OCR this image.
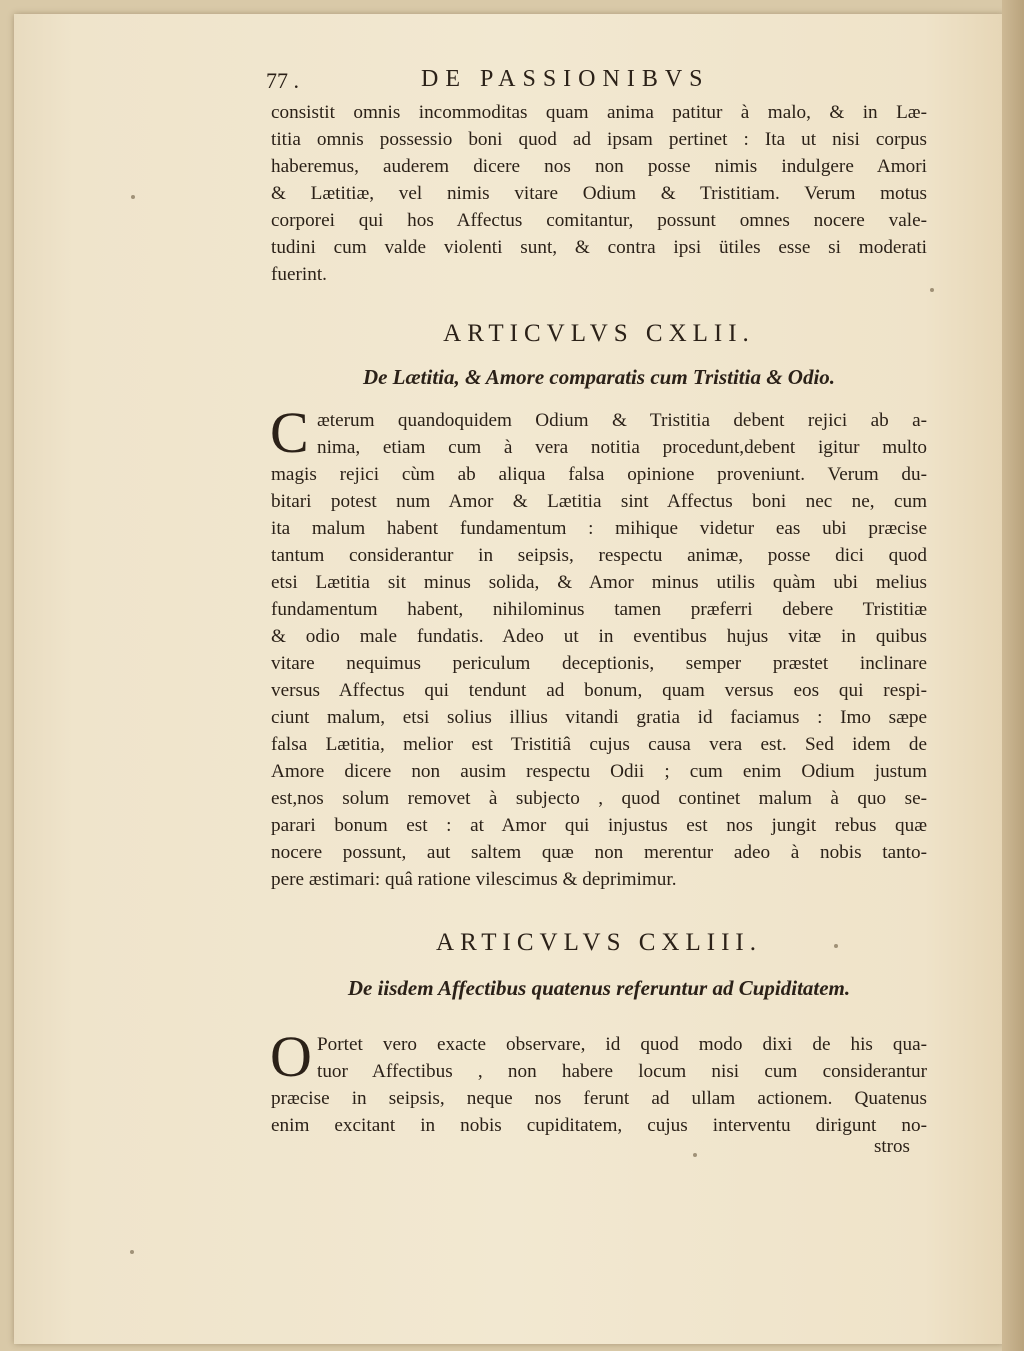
77 .	DE PASSIONIBVS
consistit omnis incommoditas quam anima patitur à malo, & in Læ-
titia omnis possessio boni quod ad ipsam pertinet : Ita ut nisi corpus
haberemus, auderem dicere nos non posse nimis indulgere Amori
& Lætitiæ, vel nimis vitare Odium & Tristitiam. Verum motus
corporei qui hos Affectus comitantur, possunt omnes nocere vale-
tudini cum valde violenti sunt, & contra ipsi ütiles esse si moderati
fuerint.
ARTICVLVS CXLII.
De Lætitia, & Amore comparatis cum Tristitia & Odio.
C æterum quandoquidem Odium & Tristitia debent rejici ab a-
nima, etiam cum à vera notitia procedunt,debent igitur multo
magis rejici cùm ab aliqua falsa opinione proveniunt. Verum du-
bitari potest num Amor & Lætitia sint Affectus boni nec ne, cum
ita malum habent fundamentum : mihique videtur eas ubi præcise
tantum considerantur in seipsis, respectu animæ, posse dici quod
etsi Lætitia sit minus solida, & Amor minus utilis quàm ubi melius
fundamentum habent, nihilominus tamen præferri debere Tristitiæ
& odio male fundatis. Adeo ut in eventibus hujus vitæ in quibus
vitare nequimus periculum deceptionis, semper præstet inclinare
versus Affectus qui tendunt ad bonum, quam versus eos qui respi-
ciunt malum, etsi solius illius vitandi gratia id faciamus : Imo sæpe
falsa Lætitia, melior est Tristitiâ cujus causa vera est. Sed idem de
Amore dicere non ausim respectu Odii ; cum enim Odium justum
est,nos solum removet à subjecto , quod continet malum à quo se-
parari bonum est : at Amor qui injustus est nos jungit rebus quæ
nocere possunt, aut saltem quæ non merentur adeo à nobis tanto-
pere æstimari: quâ ratione vilescimus & deprimimur.
ARTICVLVS CXLIII.
De iisdem Affectibus quatenus referuntur ad Cupiditatem.
O Portet vero exacte observare, id quod modo dixi de his qua-
tuor Affectibus , non habere locum nisi cum considerantur
præcise in seipsis, neque nos ferunt ad ullam actionem. Quatenus
enim excitant in nobis cupiditatem, cujus interventu dirigunt no-
stros
